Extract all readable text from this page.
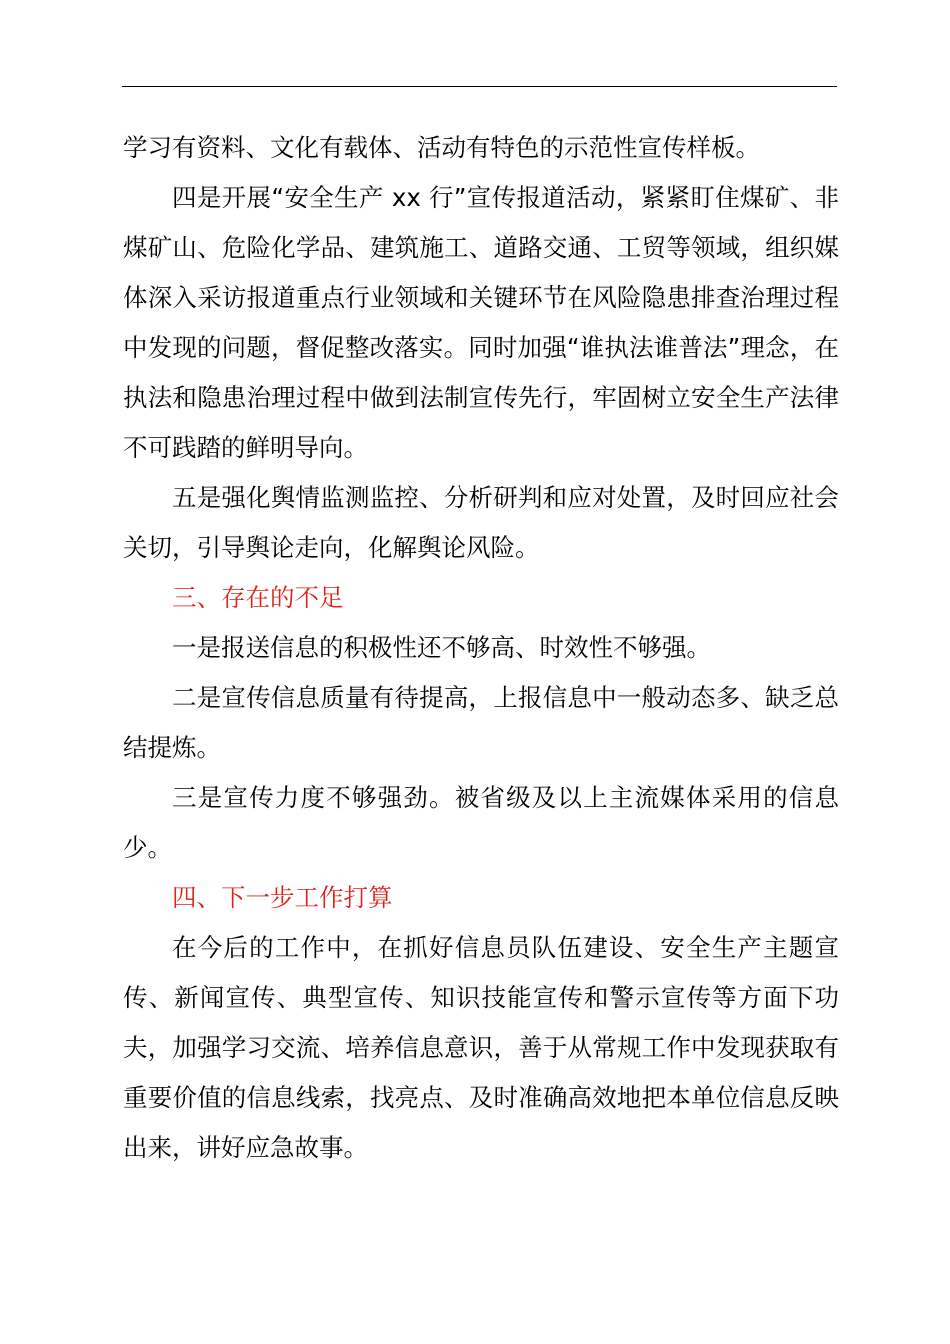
学习有资料、文化有载体、活动有特色的示范性宣传样板。

四是开展“安全生产 xx 行”宣传报道活动，紧紧盯住煤矿、非煤矿山、危险化学品、建筑施工、道路交通、工贸等领域，组织媒体深入采访报道重点行业领域和关键环节在风险隐患排查治理过程中发现的问题，督促整改落实。同时加强“谁执法谁普法”理念，在执法和隐患治理过程中做到法制宣传先行，牢固树立安全生产法律不可践踏的鲜明导向。

五是强化舆情监测监控、分析研判和应对处置，及时回应社会关切，引导舆论走向，化解舆论风险。

三、存在的不足

一是报送信息的积极性还不够高、时效性不够强。

二是宣传信息质量有待提高，上报信息中一般动态多、缺乏总结提炼。

三是宣传力度不够强劲。被省级及以上主流媒体采用的信息少。

四、下一步工作打算

在今后的工作中，在抓好信息员队伍建设、安全生产主题宣传、新闻宣传、典型宣传、知识技能宣传和警示宣传等方面下功夫，加强学习交流、培养信息意识，善于从常规工作中发现获取有重要价值的信息线索，找亮点、及时准确高效地把本单位信息反映出来，讲好应急故事。
